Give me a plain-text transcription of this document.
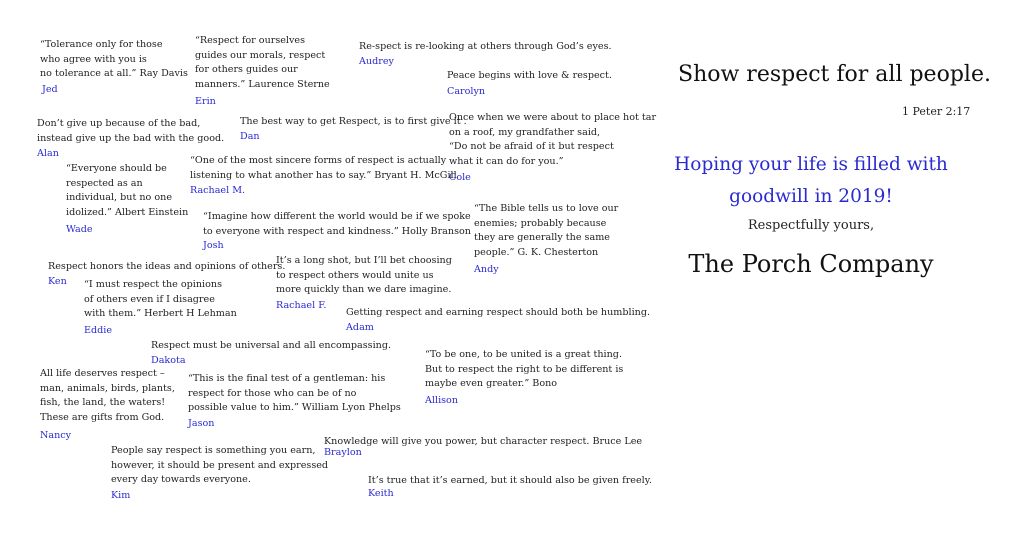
“Tolerance only for those
who agree with you is
no tolerance at all.” Ray Davis
Jed
“Respect for ourselves
guides our morals, respect
for others guides our
manners.” Laurence Sterne
Erin
Re-spect is re-looking at others through God’s eyes.
Audrey
Peace begins with love & respect.
Carolyn
Don’t give up because of the bad,
instead give up the bad with the good.
Alan
The best way to get Respect, is to first give it .
Dan
Once when we were about to place hot tar
on a roof, my grandfather said,
“Do not be afraid of it but respect
what it can do for you.”
Cole
“Everyone should be
respected as an
individual, but no one
idolized.” Albert Einstein
Wade
“One of the most sincere forms of respect is actually
listening to what another has to say.” Bryant H. McGill
Rachael M.
“Imagine how different the world would be if we spoke
to everyone with respect and kindness.” Holly Branson
Josh
“The Bible tells us to love our
enemies; probably because
they are generally the same
people.” G. K. Chesterton
Andy
Respect honors the ideas and opinions of others.
Ken
It’s a long shot, but I’ll bet choosing
to respect others would unite us
more quickly than we dare imagine.
Rachael F.
“I must respect the opinions
of others even if I disagree
with them.” Herbert H Lehman
Eddie
Getting respect and earning respect should both be humbling.
Adam
Respect must be universal and all encompassing.
Dakota
“To be one, to be united is a great thing.
But to respect the right to be different is
maybe even greater.” Bono
Allison
All life deserves respect –
man, animals, birds, plants,
fish, the land, the waters!
These are gifts from God.
Nancy
“This is the final test of a gentleman: his
respect for those who can be of no
possible value to him.” William Lyon Phelps
Jason
Knowledge will give you power, but character respect. Bruce Lee
Braylon
People say respect is something you earn,
however, it should be present and expressed
every day towards everyone.
Kim
It’s true that it’s earned, but it should also be given freely.
Keith
Show respect for all people.
1 Peter 2:17
Hoping your life is filled with goodwill in 2019!
Respectfully yours,
The Porch Company
